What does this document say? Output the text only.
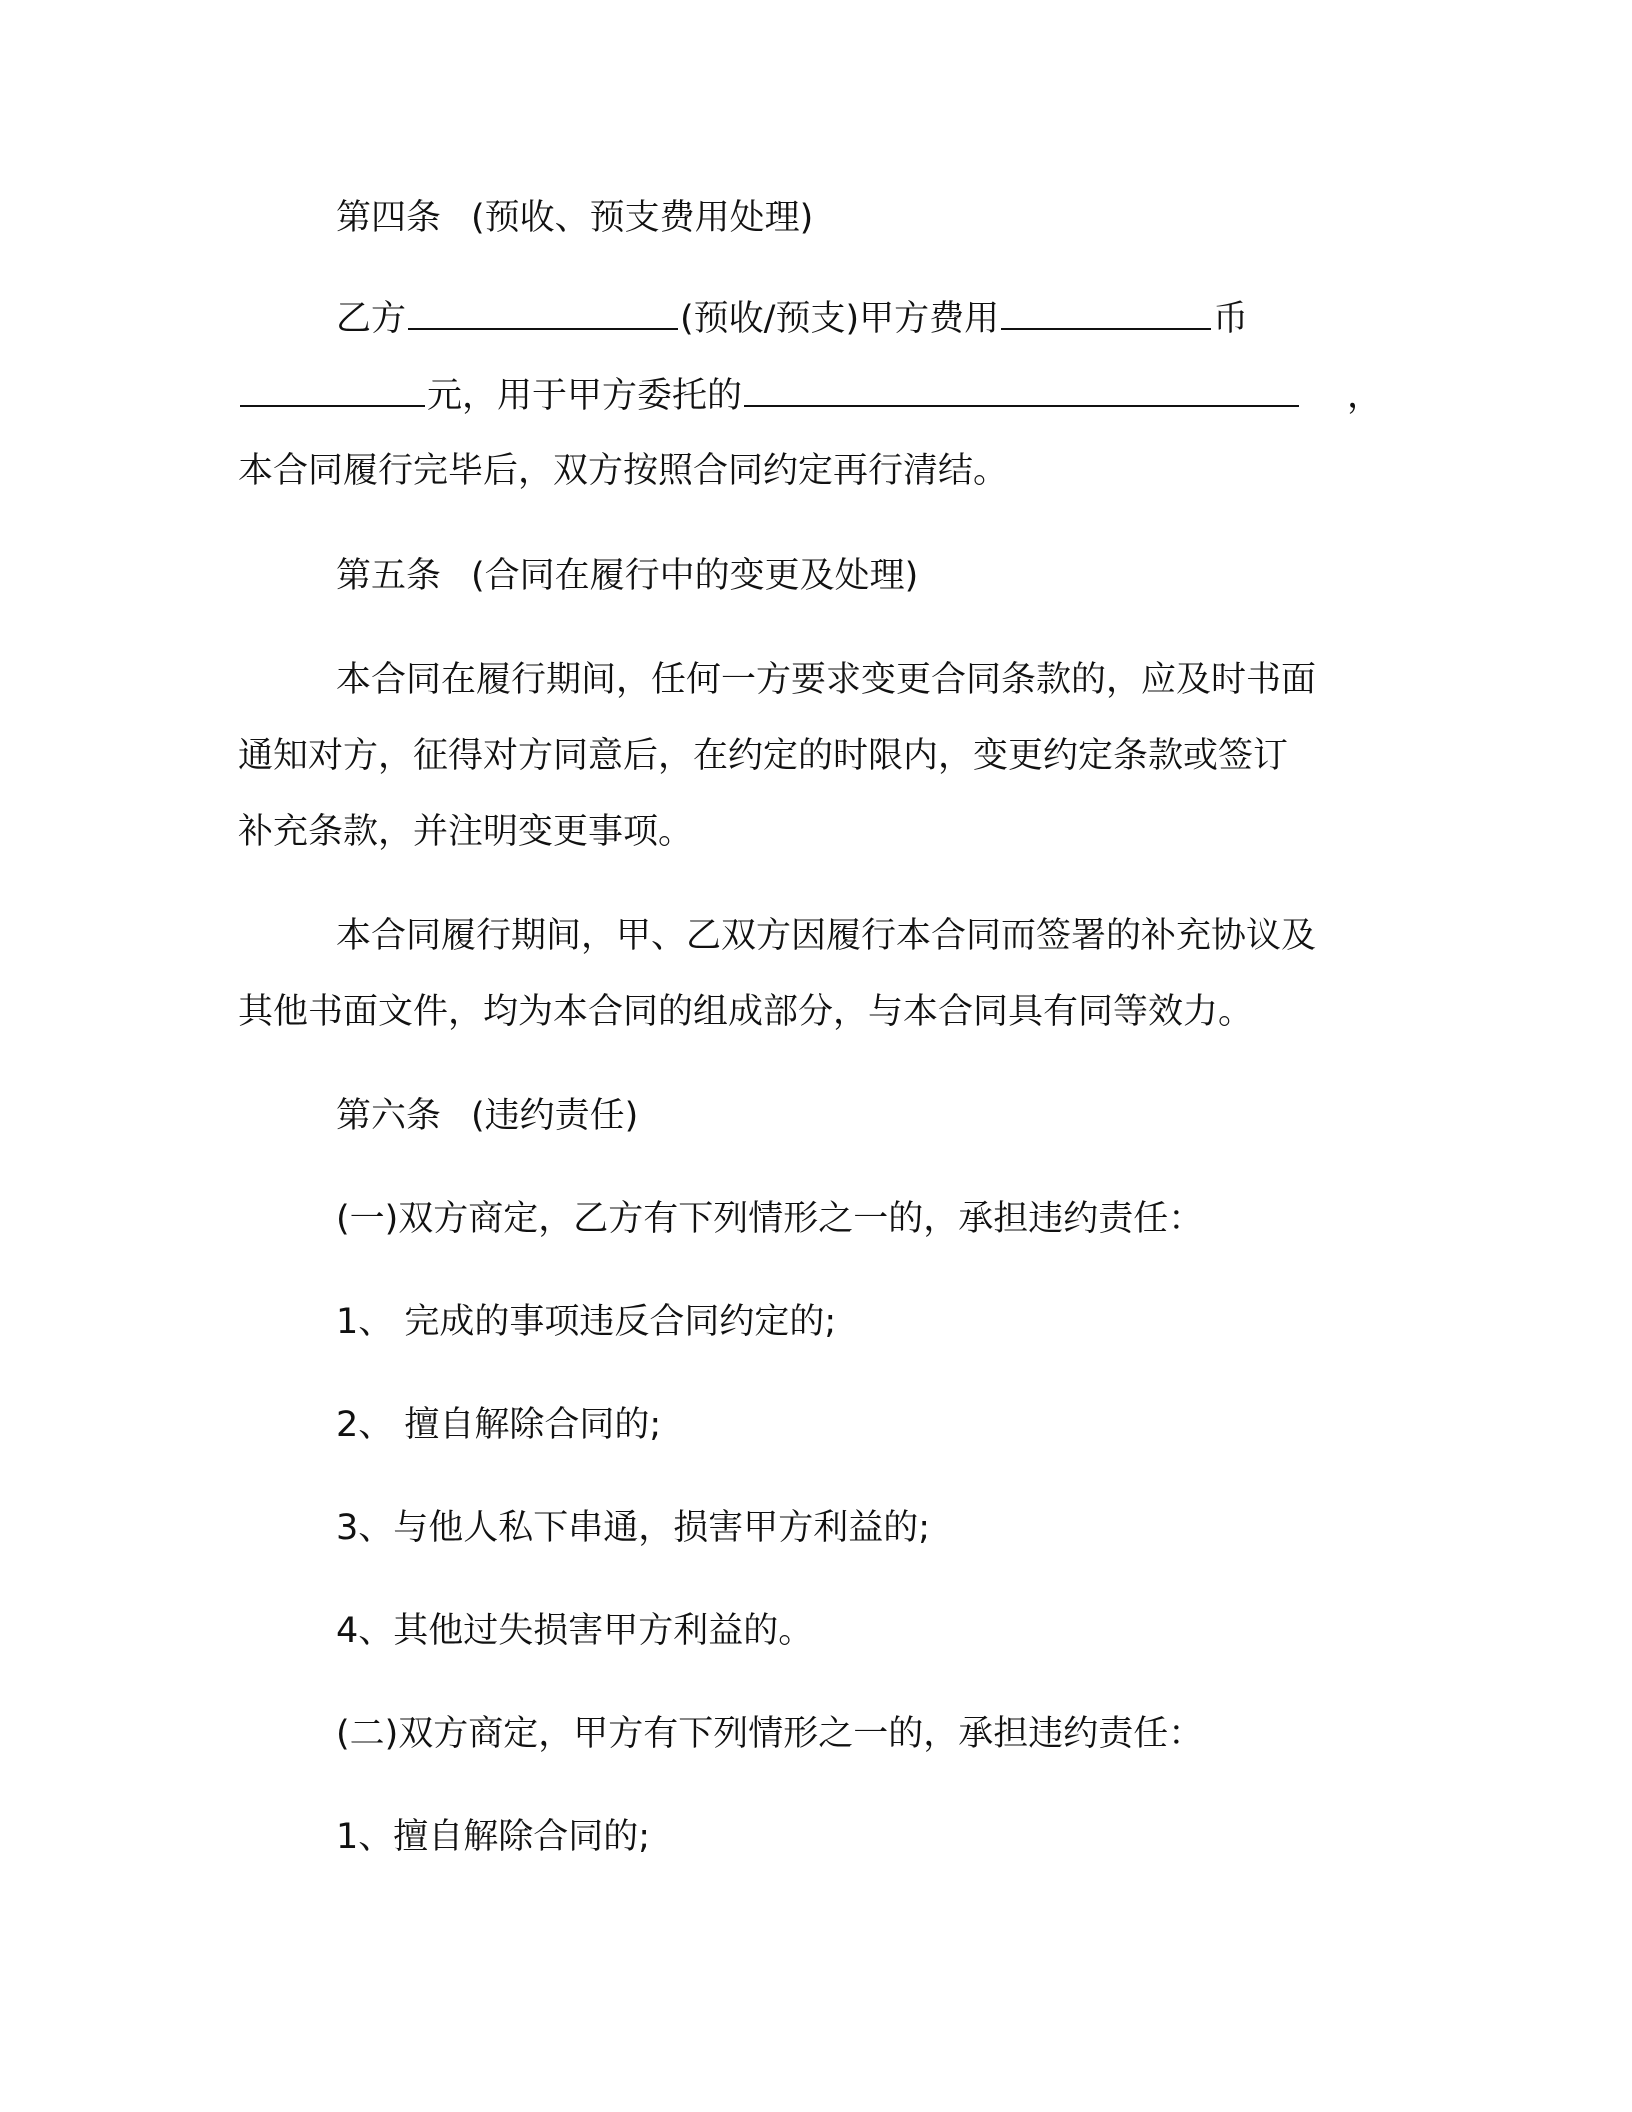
第四条 (预收、预支费用处理)
乙方	(预收/预支)甲方费用	币
元，用于甲方委托的	，
本合同履行完毕后，双方按照合同约定再行清结。
第五条 (合同在履行中的变更及处理)
本合同在履行期间，任何一方要求变更合同条款的，应及时书面
通知对方，征得对方同意后，在约定的时限内，变更约定条款或签订
补充条款，并注明变更事项。
本合同履行期间，甲、乙双方因履行本合同而签署的补充协议及
其他书面文件，均为本合同的组成部分，与本合同具有同等效力。
第六条 (违约责任)
(一)双方商定，乙方有下列情形之一的，承担违约责任：
1、 完成的事项违反合同约定的;
2、 擅自解除合同的;
3、与他人私下串通，损害甲方利益的;
4、其他过失损害甲方利益的。
(二)双方商定，甲方有下列情形之一的，承担违约责任：
1、擅自解除合同的;
